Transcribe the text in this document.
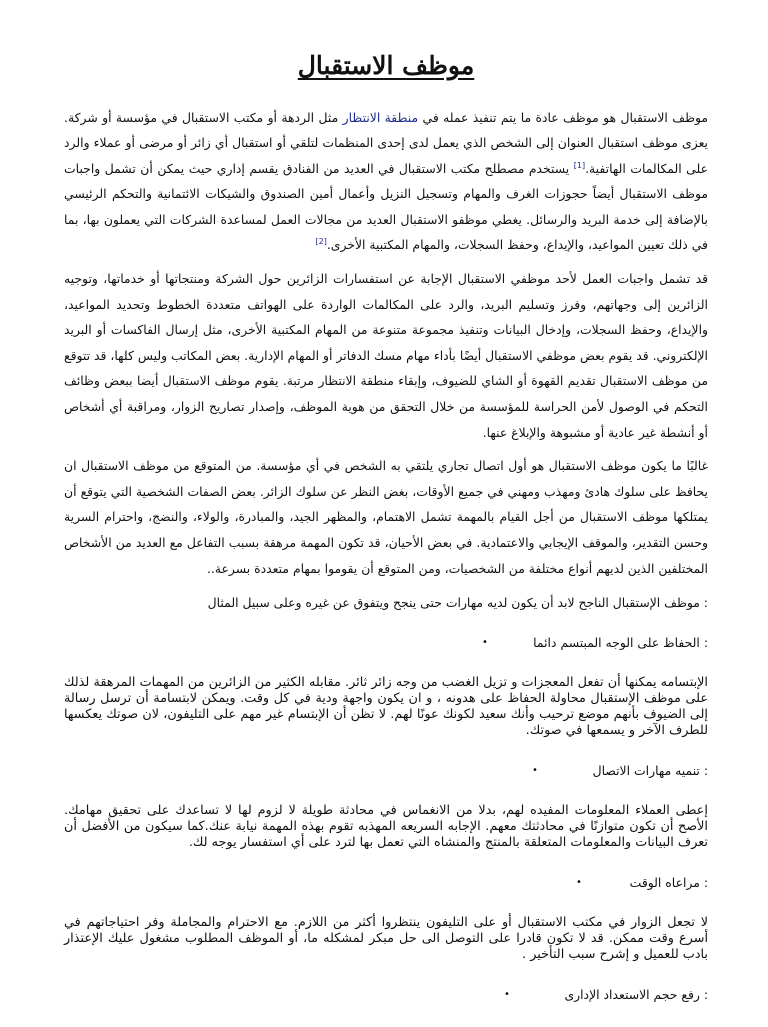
موظف الاستقبال

موظف الاستقبال هو موظف عادة ما يتم تنفيذ عمله في منطقة الانتظار مثل الردهة أو مكتب الاستقبال في مؤسسة أو شركة. يعزى موظف استقبال العنوان إلى الشخص الذي يعمل لدى إحدى المنظمات لتلقي أو استقبال أي زائر أو مرضى أو عملاء والرد على المكالمات الهاتفية.[1] يستخدم مصطلح مكتب الاستقبال في العديد من الفنادق يقسم إداري حيث يمكن أن تشمل واجبات موظف الاستقبال أيضاً حجوزات الغرف والمهام وتسجيل النزيل وأعمال أمين الصندوق والشيكات الائتمانية والتحكم الرئيسي بالإضافة إلى خدمة البريد والرسائل. يغطي موظفو الاستقبال العديد من مجالات العمل لمساعدة الشركات التي يعملون بها، بما في ذلك تعيين المواعيد، والإيداع، وحفظ السجلات، والمهام المكتبية الأخرى.[2]

قد تشمل واجبات العمل لأحد موظفي الاستقبال الإجابة عن استفسارات الزائرين حول الشركة ومنتجاتها أو خدماتها، وتوجيه الزائرين إلى وجهاتهم، وفرز وتسليم البريد، والرد على المكالمات الواردة على الهواتف متعددة الخطوط وتحديد المواعيد، والإيداع، وحفظ السجلات، وإدخال البيانات وتنفيذ مجموعة متنوعة من المهام المكتبية الأخرى، مثل إرسال الفاكسات أو البريد الإلكتروني. قد يقوم بعض موظفي الاستقبال أيضًا بأداء مهام مسك الدفاتر أو المهام الإدارية. بعض المكاتب وليس كلها، قد تتوقع من موظف الاستقبال تقديم القهوة أو الشاي للضيوف، وإبقاء منطقة الانتظار مرتبة. يقوم موظف الاستقبال أيضا ببعض وظائف التحكم في الوصول لأمن الحراسة للمؤسسة من خلال التحقق من هوية الموظف، وإصدار تصاريح الزوار، ومراقبة أي أشخاص أو أنشطة غير عادية أو مشبوهة والإبلاغ عنها.

غالبًا ما يكون موظف الاستقبال هو أول اتصال تجاري يلتقي به الشخص في أي مؤسسة. من المتوقع من موظف الاستقبال ان يحافظ على سلوك هادئ ومهذب ومهني في جميع الأوقات، بغض النظر عن سلوك الزائر. بعض الصفات الشخصية التي يتوقع أن يمتلكها موظف الاستقبال من أجل القيام بالمهمة تشمل الاهتمام، والمظهر الجيد، والمبادرة، والولاء، والنضج، واحترام السرية وحسن التقدير، والموقف الإيجابي والاعتمادية. في بعض الأحيان، قد تكون المهمة مرهقة بسبب التفاعل مع العديد من الأشخاص المختلفين الذين لديهم أنواع مختلفة من الشخصيات، ومن المتوقع أن يقوموا بمهام متعددة بسرعة..

: موظف الإستقبال الناجح لابد أن يكون لديه مهارات حتى ينجح ويتفوق عن غيره وعلى سبيل المثال
: الحفاظ على الوجه المبتسم دائما
•
الإبتسامه يمكنها أن تفعل المعجزات و تزيل الغضب من وجه زائر ثائر. مقابله الكثير من الزائرين من المهمات المرهقة لذلك على موظف الإستقبال محاولة الحفاظ على هدونه ، و ان يكون واجهة ودية في كل وقت. ويمكن لابتسامة أن ترسل رسالة إلى الضيوف بأنهم موضع ترحيب وأنك سعيد لكونك عونًا لهم. لا تظن أن الإبتسام غير مهم على التليفون، لان صوتك يعكسها للطرف الآخر و يسمعها في صوتك.
: تنميه مهارات الاتصال
•
إعطى العملاء المعلومات المفيده لهم، بدلا من الانغماس في محادثة طويلة لا لزوم لها لا تساعدك على تحقيق مهامك. الأصح أن تكون متوازنًا في محادثتك معهم. الإجابه السريعه المهذبه تقوم بهذه المهمة نيابة عنك.كما سيكون من الأفضل أن تعرف البيانات والمعلومات المتعلقة بالمنتج والمنشاه التي تعمل بها لترد على أي استفسار يوجه لك.
: مراعاه الوقت
•
لا تجعل الزوار في مكتب الاستقبال أو على التليفون ينتظروا أكثر من اللازم. مع الاحترام والمجاملة وفر احتياجاتهم في أسرع وقت ممكن. قد لا تكون قادرا على التوصل الى حل مبكر لمشكله ما، أو الموظف المطلوب مشغول عليك الإعتذار بادب للعميل و إشرح سبب التأخير .
: رفع حجم الاستعداد الإدارى
•
